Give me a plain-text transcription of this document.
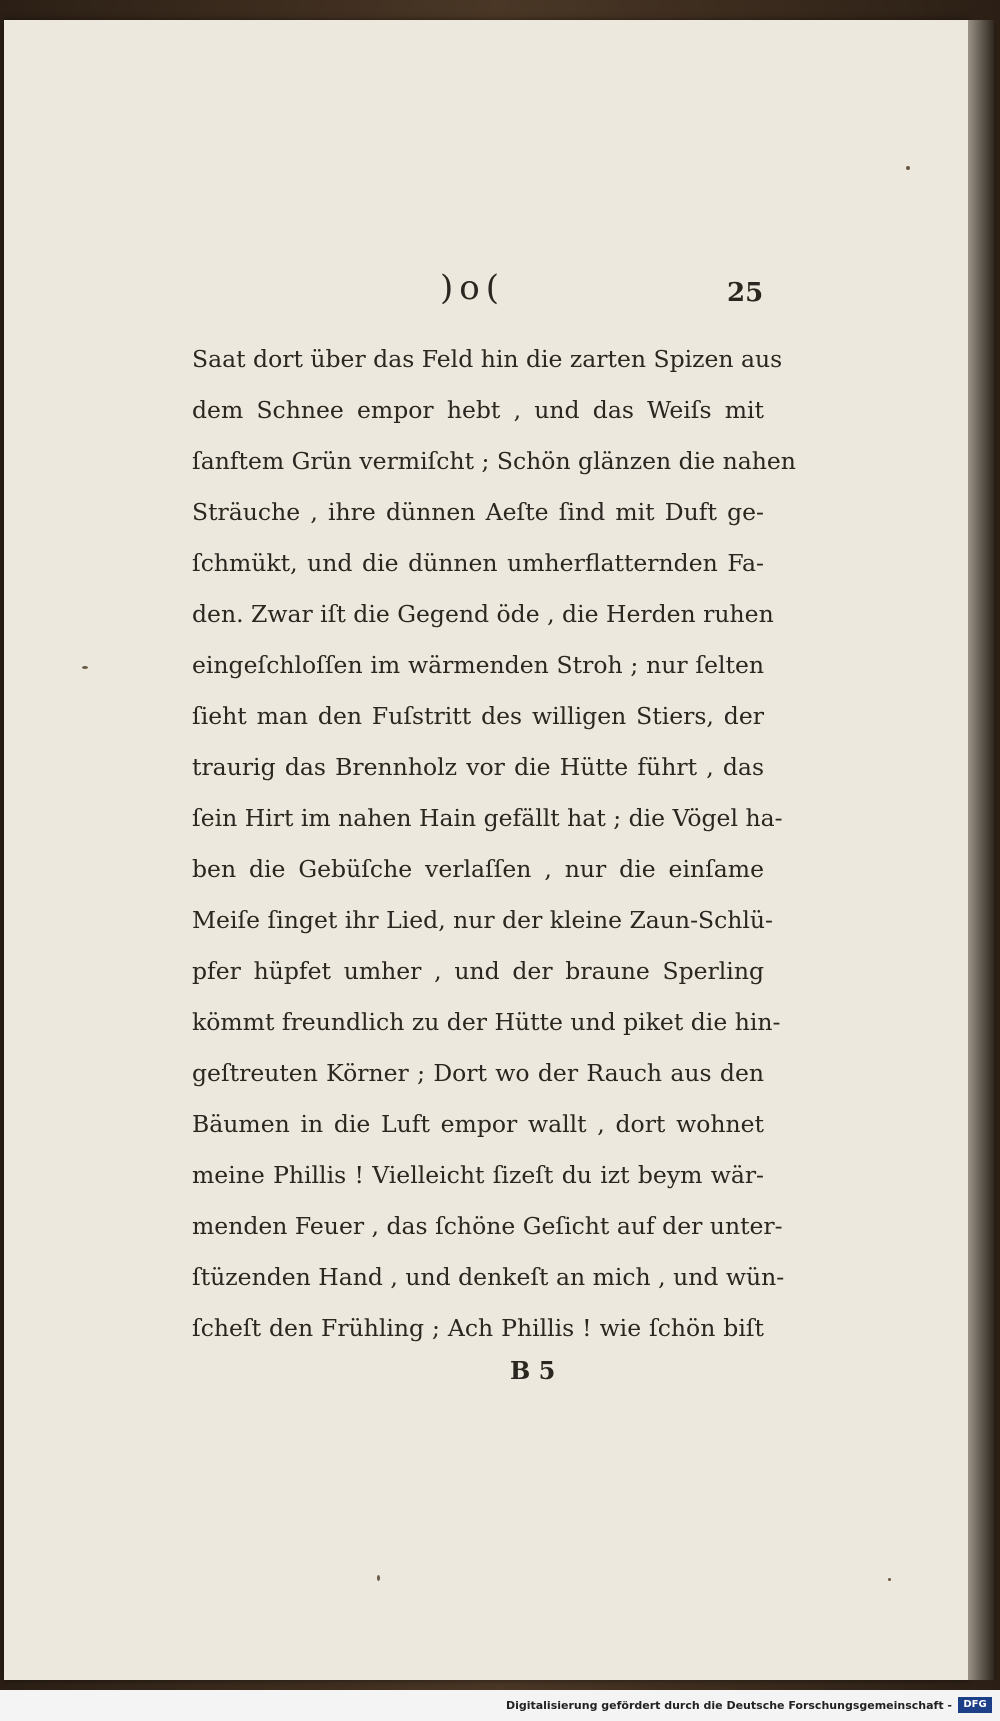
)o(	25
Saat dort über das Feld hin die zarten Spizen aus
dem Schnee empor hebt , und das Weiſs mit
ſanftem Grün vermiſcht ; Schön glänzen die nahen
Sträuche , ihre dünnen Aeſte ſind mit Duft ge-
ſchmükt, und die dünnen umherflatternden Fa-
den. Zwar iſt die Gegend öde , die Herden ruhen
eingeſchloſſen im wärmenden Stroh ; nur ſelten
ſieht man den Fuſstritt des willigen Stiers, der
traurig das Brennholz vor die Hütte führt , das
ſein Hirt im nahen Hain gefällt hat ; die Vögel ha-
ben die Gebüſche verlaſſen , nur die einſame
Meiſe ſinget ihr Lied, nur der kleine Zaun-Schlü-
pfer hüpfet umher , und der braune Sperling
kömmt freundlich zu der Hütte und piket die hin-
geſtreuten Körner ; Dort wo der Rauch aus den
Bäumen in die Luft empor wallt , dort wohnet
meine Phillis ! Vielleicht ſizeſt du izt beym wär-
menden Feuer , das ſchöne Geſicht auf der unter-
ſtüzenden Hand , und denkeſt an mich , und wün-
ſcheſt den Frühling ; Ach Phillis ! wie ſchön biſt
B 5
Digitalisierung gefördert durch die Deutsche Forschungsgemeinschaft -	DFG
